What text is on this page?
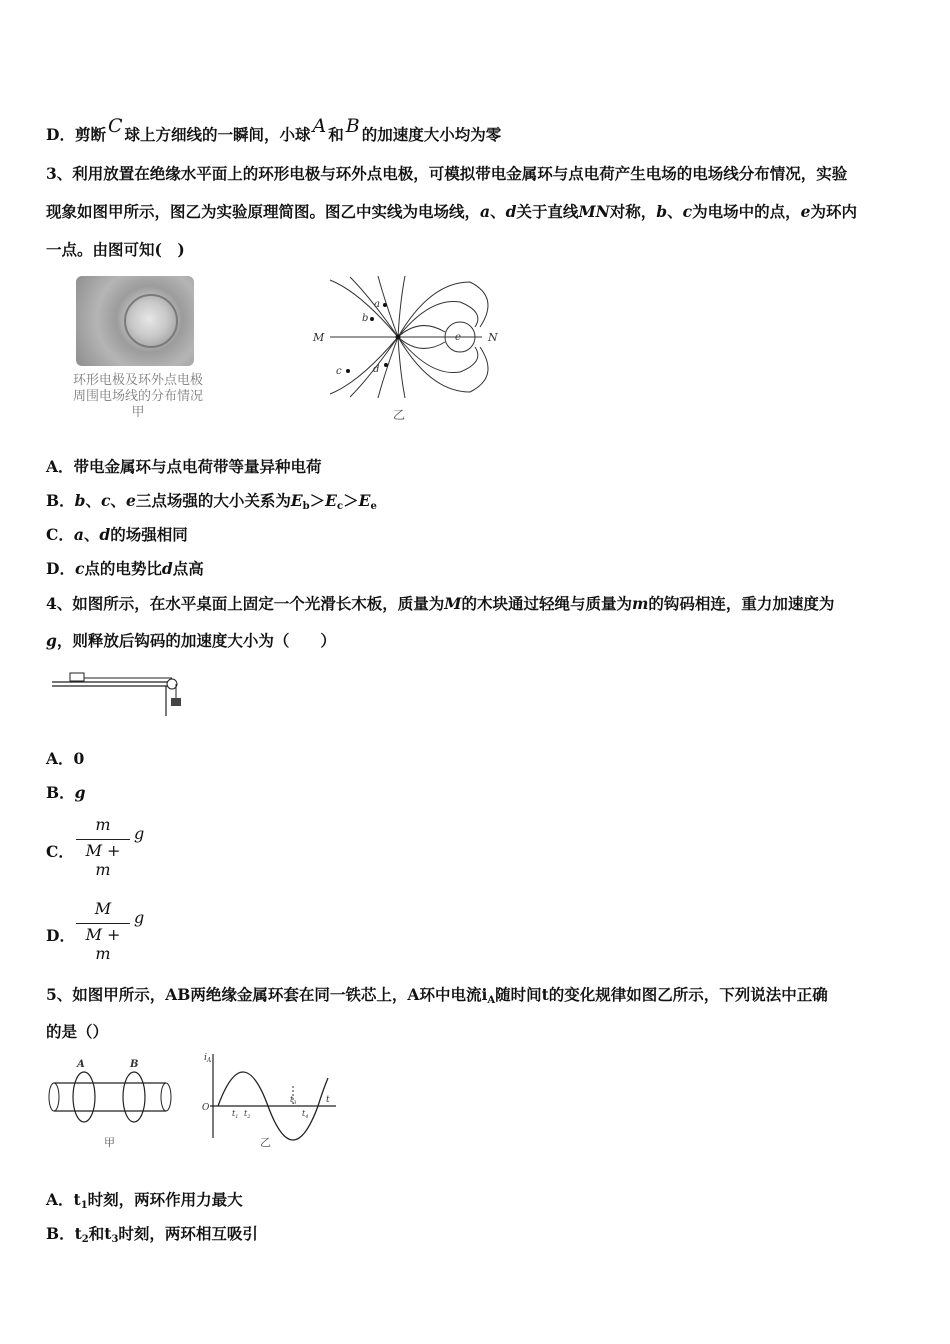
D．剪断 C 球上方细线的一瞬间，小球 A 和 B 的加速度大小均为零
3、利用放置在绝缘水平面上的环形电极与环外点电极，可模拟带电金属环与点电荷产生电场的电场线分布情况，实验
现象如图甲所示，图乙为实验原理简图。图乙中实线为电场线，a、d关于直线MN对称，b、c为电场中的点，e为环内
一点。由图可知(　)
环形电极及环外点电极
周围电场线的分布情况
甲
M	N
a
b
c	d
e
乙
A．带电金属环与点电荷带等量异种电荷
B．b、c、e三点场强的大小关系为$E_b>E_c>E_e$
C．a、d的场强相同
D．c点的电势比d点高
4、如图所示，在水平桌面上固定一个光滑长木板，质量为M的木块通过轻绳与质量为m的钩码相连，重力加速度为
g，则释放后钩码的加速度大小为（　　）
A．0
B．g
C．
m
M + m
g
D．
M
M + m
g
5、如图甲所示，AB两绝缘金属环套在同一铁芯上，A环中电流$i_A$随时间t的变化规律如图乙所示，下列说法中正确
的是（）
A	B
甲
$i_A$
O
t
$t_1$ $t_2$
$t_3$
$t_4$
乙
A．$t_1$时刻，两环作用力最大
B．$t_2$和$t_3$时刻，两环相互吸引
